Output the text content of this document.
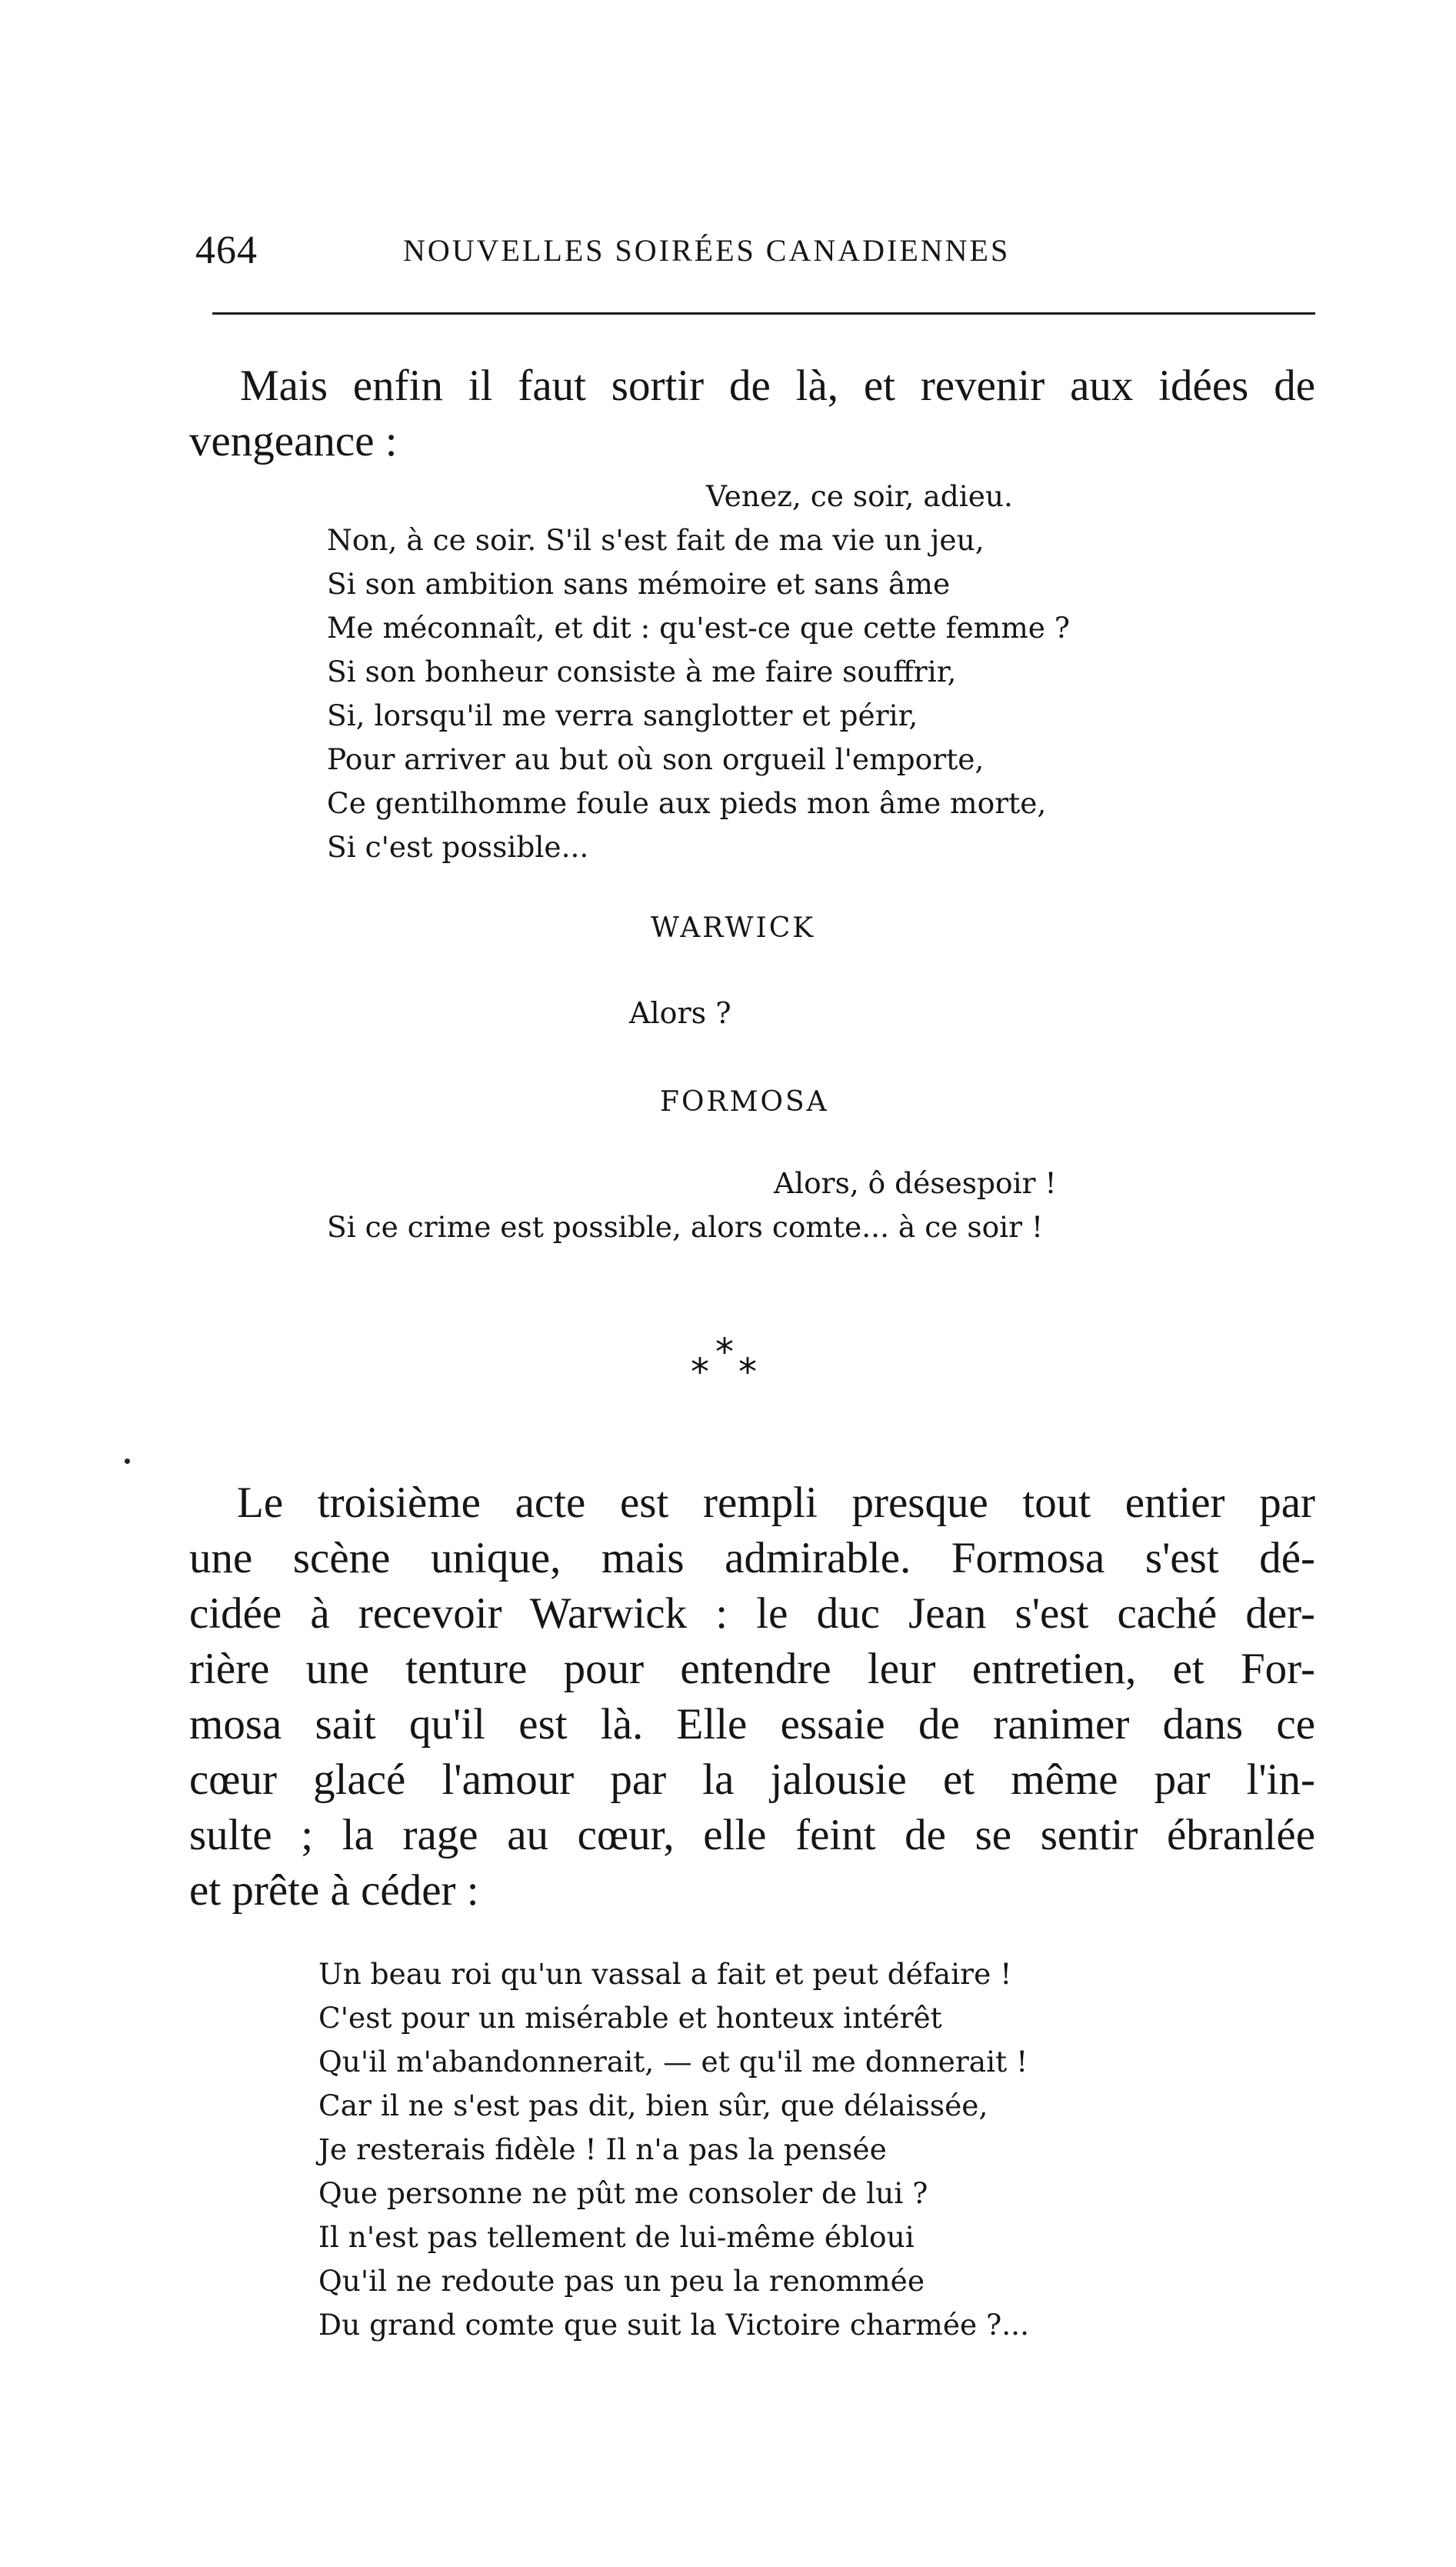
464	NOUVELLES SOIRÉES CANADIENNES

Mais enfin il faut sortir de là, et revenir aux idées de
vengeance :

Venez, ce soir, adieu.
Non, à ce soir. S'il s'est fait de ma vie un jeu,
Si son ambition sans mémoire et sans âme
Me méconnaît, et dit : qu'est-ce que cette femme ?
Si son bonheur consiste à me faire souffrir,
Si, lorsqu'il me verra sanglotter et périr,
Pour arriver au but où son orgueil l'emporte,
Ce gentilhomme foule aux pieds mon âme morte,
Si c'est possible...
WARWICK
Alors ?
FORMOSA
Alors, ô désespoir !
Si ce crime est possible, alors comte... à ce soir !
* * *

Le troisième acte est rempli presque tout entier par
une scène unique, mais admirable. Formosa s'est dé-
cidée à recevoir Warwick : le duc Jean s'est caché der-
rière une tenture pour entendre leur entretien, et For-
mosa sait qu'il est là. Elle essaie de ranimer dans ce
cœur glacé l'amour par la jalousie et même par l'in-
sulte ; la rage au cœur, elle feint de se sentir ébranlée
et prête à céder :

Un beau roi qu'un vassal a fait et peut défaire !
C'est pour un misérable et honteux intérêt
Qu'il m'abandonnerait, — et qu'il me donnerait !
Car il ne s'est pas dit, bien sûr, que délaissée,
Je resterais fidèle ! Il n'a pas la pensée
Que personne ne pût me consoler de lui ?
Il n'est pas tellement de lui-même ébloui
Qu'il ne redoute pas un peu la renommée
Du grand comte que suit la Victoire charmée ?...
